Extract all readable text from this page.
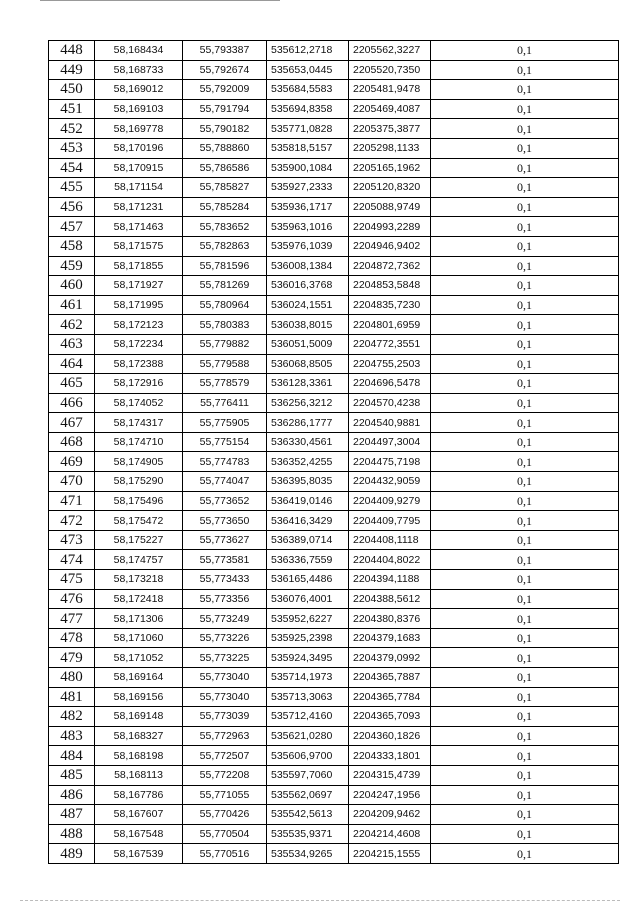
448	58,168434	55,793387	535612,2718	2205562,3227	0,1
449	58,168733	55,792674	535653,0445	2205520,7350	0,1
450	58,169012	55,792009	535684,5583	2205481,9478	0,1
451	58,169103	55,791794	535694,8358	2205469,4087	0,1
452	58,169778	55,790182	535771,0828	2205375,3877	0,1
453	58,170196	55,788860	535818,5157	2205298,1133	0,1
454	58,170915	55,786586	535900,1084	2205165,1962	0,1
455	58,171154	55,785827	535927,2333	2205120,8320	0,1
456	58,171231	55,785284	535936,1717	2205088,9749	0,1
457	58,171463	55,783652	535963,1016	2204993,2289	0,1
458	58,171575	55,782863	535976,1039	2204946,9402	0,1
459	58,171855	55,781596	536008,1384	2204872,7362	0,1
460	58,171927	55,781269	536016,3768	2204853,5848	0,1
461	58,171995	55,780964	536024,1551	2204835,7230	0,1
462	58,172123	55,780383	536038,8015	2204801,6959	0,1
463	58,172234	55,779882	536051,5009	2204772,3551	0,1
464	58,172388	55,779588	536068,8505	2204755,2503	0,1
465	58,172916	55,778579	536128,3361	2204696,5478	0,1
466	58,174052	55,776411	536256,3212	2204570,4238	0,1
467	58,174317	55,775905	536286,1777	2204540,9881	0,1
468	58,174710	55,775154	536330,4561	2204497,3004	0,1
469	58,174905	55,774783	536352,4255	2204475,7198	0,1
470	58,175290	55,774047	536395,8035	2204432,9059	0,1
471	58,175496	55,773652	536419,0146	2204409,9279	0,1
472	58,175472	55,773650	536416,3429	2204409,7795	0,1
473	58,175227	55,773627	536389,0714	2204408,1118	0,1
474	58,174757	55,773581	536336,7559	2204404,8022	0,1
475	58,173218	55,773433	536165,4486	2204394,1188	0,1
476	58,172418	55,773356	536076,4001	2204388,5612	0,1
477	58,171306	55,773249	535952,6227	2204380,8376	0,1
478	58,171060	55,773226	535925,2398	2204379,1683	0,1
479	58,171052	55,773225	535924,3495	2204379,0992	0,1
480	58,169164	55,773040	535714,1973	2204365,7887	0,1
481	58,169156	55,773040	535713,3063	2204365,7784	0,1
482	58,169148	55,773039	535712,4160	2204365,7093	0,1
483	58,168327	55,772963	535621,0280	2204360,1826	0,1
484	58,168198	55,772507	535606,9700	2204333,1801	0,1
485	58,168113	55,772208	535597,7060	2204315,4739	0,1
486	58,167786	55,771055	535562,0697	2204247,1956	0,1
487	58,167607	55,770426	535542,5613	2204209,9462	0,1
488	58,167548	55,770504	535535,9371	2204214,4608	0,1
489	58,167539	55,770516	535534,9265	2204215,1555	0,1
